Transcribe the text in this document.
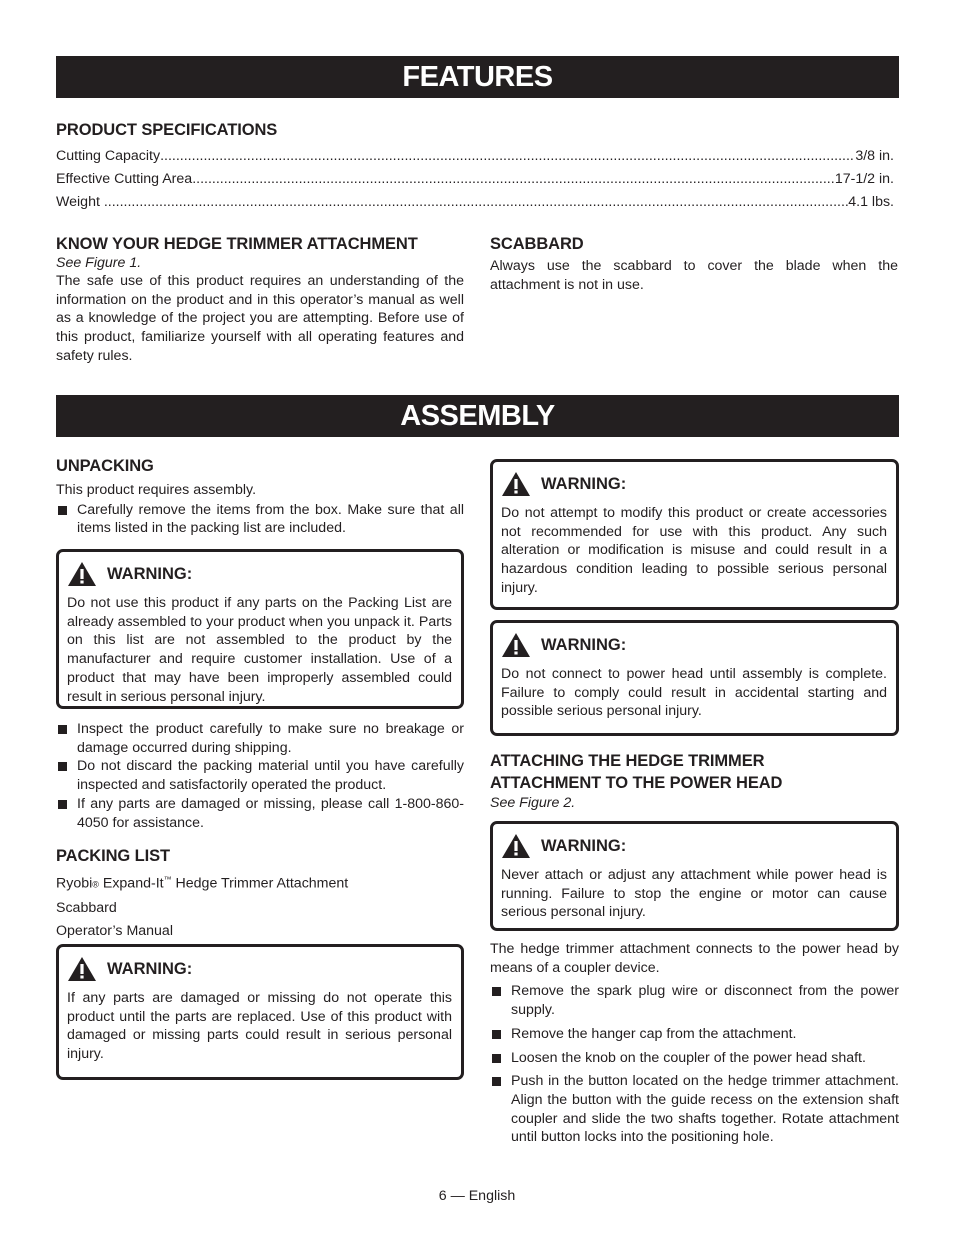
FEATURES
PRODUCT SPECIFICATIONS
Cutting Capacity .....	3/8 in.
Effective Cutting Area .....	17-1/2 in.
Weight .....	4.1 lbs.
KNOW YOUR HEDGE TRIMMER ATTACHMENT
See Figure 1.
The safe use of this product requires an understanding of the information on the product and in this operator’s manual as well as a knowledge of the project you are attempting. Before use of this product, familiarize yourself with all operating features and safety rules.
SCABBARD
Always use the scabbard to cover the blade when the attachment is not in use.
ASSEMBLY
UNPACKING
This product requires assembly.
Carefully remove the items from the box. Make sure that all items listed in the packing list are included.
WARNING:
Do not use this product if any parts on the Packing List are already assembled to your product when you unpack it. Parts on this list are not assembled to the product by the manufacturer and require customer installation. Use of a product that may have been improperly assembled could result in serious personal injury.
Inspect the product carefully to make sure no breakage or damage occurred during shipping.
Do not discard the packing material until you have carefully inspected and satisfactorily operated the product.
If any parts are damaged or missing, please call 1-800-860-4050 for assistance.
PACKING LIST
Ryobi® Expand-It™ Hedge Trimmer Attachment
Scabbard
Operator’s Manual
WARNING:
If any parts are damaged or missing do not operate this product until the parts are replaced. Use of this product with damaged or missing parts could result in serious personal injury.
WARNING:
Do not attempt to modify this product or create accessories not recommended for use with this product. Any such alteration or modification is misuse and could result in a hazardous condition leading to possible serious personal injury.
WARNING:
Do not connect to power head until assembly is complete. Failure to comply could result in accidental starting and possible serious personal injury.
ATTACHING THE HEDGE TRIMMER
ATTACHMENT TO THE POWER HEAD
See Figure 2.
WARNING:
Never attach or adjust any attachment while power head is running. Failure to stop the engine or motor can cause serious personal injury.
The hedge trimmer attachment connects to the power head by means of a coupler device.
Remove the spark plug wire or disconnect from the power supply.
Remove the hanger cap from the attachment.
Loosen the knob on the coupler of the power head shaft.
Push in the button located on the hedge trimmer attachment. Align the button with the guide recess on the extension shaft coupler and slide the two shafts together. Rotate attachment until button locks into the positioning hole.
6 — English
